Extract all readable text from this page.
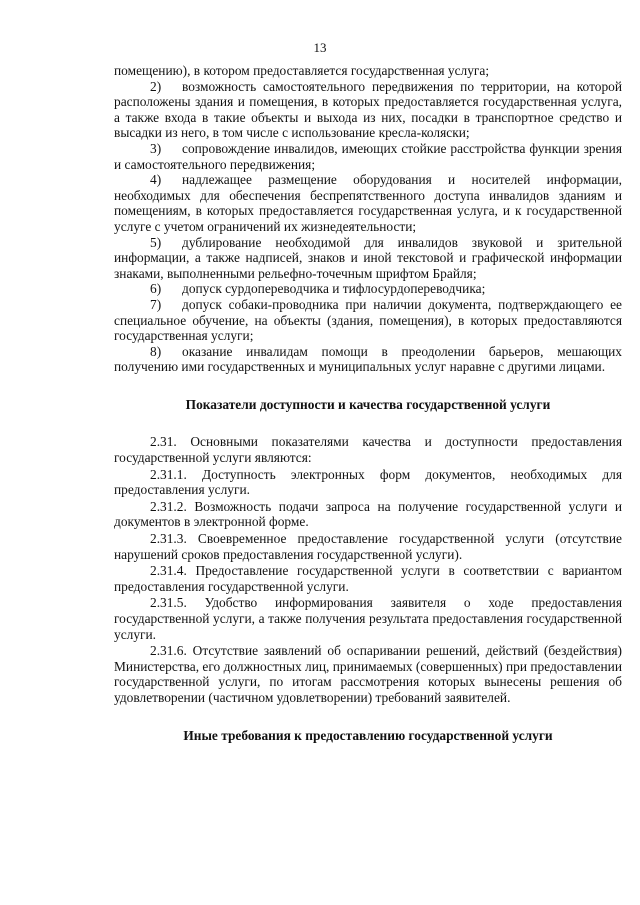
13

помещению), в котором предоставляется государственная услуга;

2) возможность самостоятельного передвижения по территории, на которой расположены здания и помещения, в которых предоставляется государственная услуга, а также входа в такие объекты и выхода из них, посадки в транспортное средство и высадки из него, в том числе с использование кресла-коляски;

3) сопровождение инвалидов, имеющих стойкие расстройства функции зрения и самостоятельного передвижения;

4) надлежащее размещение оборудования и носителей информации, необходимых для обеспечения беспрепятственного доступа инвалидов зданиям и помещениям, в которых предоставляется государственная услуга, и к государственной услуге с учетом ограничений их жизнедеятельности;

5) дублирование необходимой для инвалидов звуковой и зрительной информации, а также надписей, знаков и иной текстовой и графической информации знаками, выполненными рельефно-точечным шрифтом Брайля;

6) допуск сурдопереводчика и тифлосурдопереводчика;

7) допуск собаки-проводника при наличии документа, подтверждающего ее специальное обучение, на объекты (здания, помещения), в которых предоставляются государственная услуги;

8) оказание инвалидам помощи в преодолении барьеров, мешающих получению ими государственных и муниципальных услуг наравне с другими лицами.

Показатели доступности и качества государственной услуги

2.31. Основными показателями качества и доступности предоставления государственной услуги являются:

2.31.1. Доступность электронных форм документов, необходимых для предоставления услуги.

2.31.2. Возможность подачи запроса на получение государственной услуги и документов в электронной форме.

2.31.3. Своевременное предоставление государственной услуги (отсутствие нарушений сроков предоставления государственной услуги).

2.31.4. Предоставление государственной услуги в соответствии с вариантом предоставления государственной услуги.

2.31.5. Удобство информирования заявителя о ходе предоставления государственной услуги, а также получения результата предоставления государственной услуги.

2.31.6. Отсутствие заявлений об оспаривании решений, действий (бездействия) Министерства, его должностных лиц, принимаемых (совершенных) при предоставлении государственной услуги, по итогам рассмотрения которых вынесены решения об удовлетворении (частичном удовлетворении) требований заявителей.

Иные требования к предоставлению государственной услуги
